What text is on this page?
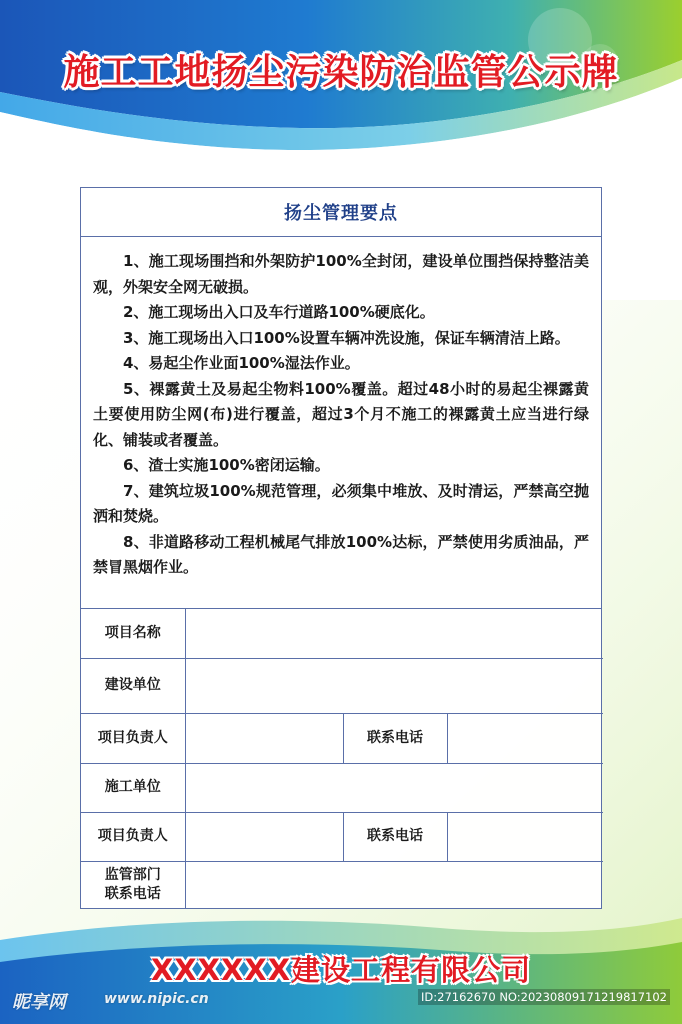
施工工地扬尘污染防治监管公示牌
扬尘管理要点

1、施工现场围挡和外架防护100%全封闭，建设单位围挡保持整洁美观，外架安全网无破损。

2、施工现场出入口及车行道路100%硬底化。

3、施工现场出入口100%设置车辆冲洗设施，保证车辆清洁上路。

4、易起尘作业面100%湿法作业。

5、裸露黄土及易起尘物料100%覆盖。超过48小时的易起尘裸露黄土要使用防尘网(布)进行覆盖，超过3个月不施工的裸露黄土应当进行绿化、铺装或者覆盖。

6、渣士实施100%密闭运输。

7、建筑垃圾100%规范管理，必须集中堆放、及时清运，严禁高空抛洒和焚烧。

8、非道路移动工程机械尾气排放100%达标，严禁使用劣质油品，严禁冒黑烟作业。

项目名称			
建设单位			
项目负责人		联系电话	
施工单位			
项目负责人		联系电话	

监管部门
联系电话			

XXXXXX建设工程有限公司
昵享网	www.nipic.cn	ID:27162670 NO:20230809171219817102
